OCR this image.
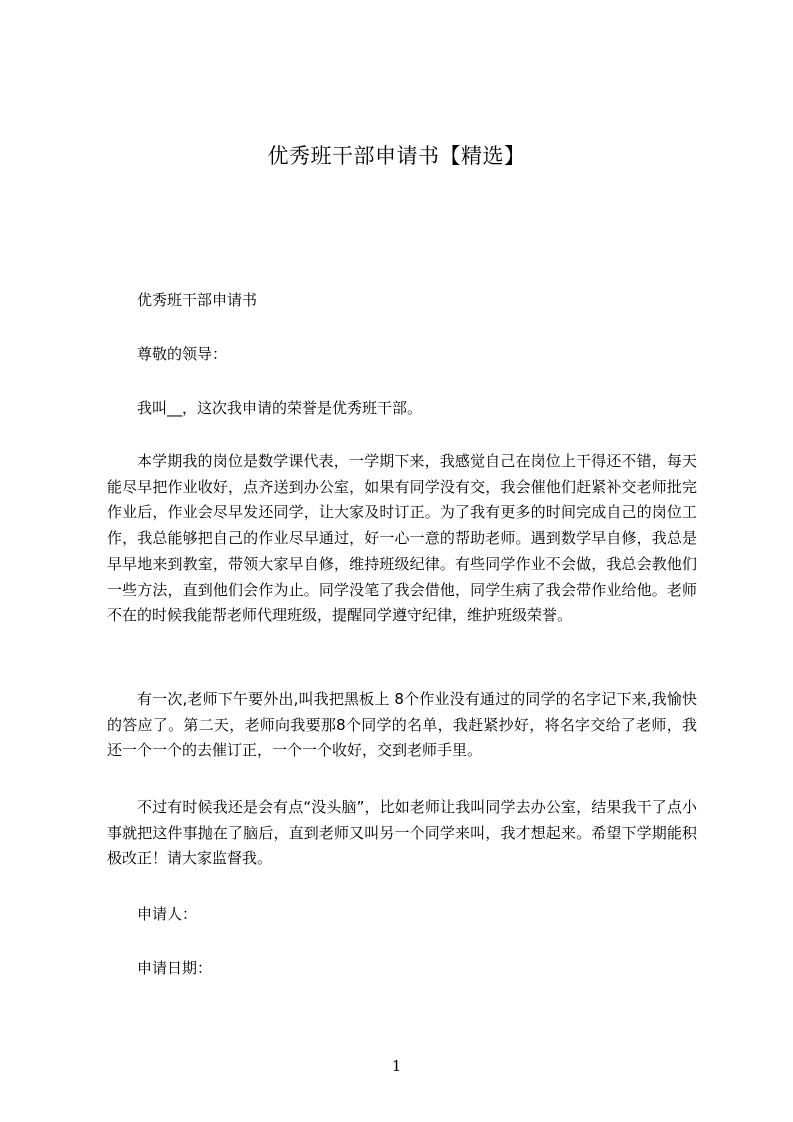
优秀班干部申请书【精选】
优秀班干部申请书
尊敬的领导：
我叫__，这次我申请的荣誉是优秀班干部。
本学期我的岗位是数学课代表，一学期下来，我感觉自己在岗位上干得还不错，每天能尽早把作业收好，点齐送到办公室，如果有同学没有交，我会催他们赶紧补交老师批完作业后，作业会尽早发还同学，让大家及时订正。为了我有更多的时间完成自己的岗位工作，我总能够把自己的作业尽早通过，好一心一意的帮助老师。遇到数学早自修，我总是早早地来到教室，带领大家早自修，维持班级纪律。有些同学作业不会做，我总会教他们一些方法，直到他们会作为止。同学没笔了我会借他，同学生病了我会带作业给他。老师不在的时候我能帮老师代理班级，提醒同学遵守纪律，维护班级荣誉。
有一次,老师下午要外出,叫我把黑板上 8个作业没有通过的同学的名字记下来,我愉快的答应了。第二天，老师向我要那8个同学的名单，我赶紧抄好，将名字交给了老师，我还一个一个的去催订正，一个一个收好，交到老师手里。
不过有时候我还是会有点“没头脑”，比如老师让我叫同学去办公室，结果我干了点小事就把这件事抛在了脑后，直到老师又叫另一个同学来叫，我才想起来。希望下学期能积极改正！请大家监督我。
申请人：
申请日期：
1
